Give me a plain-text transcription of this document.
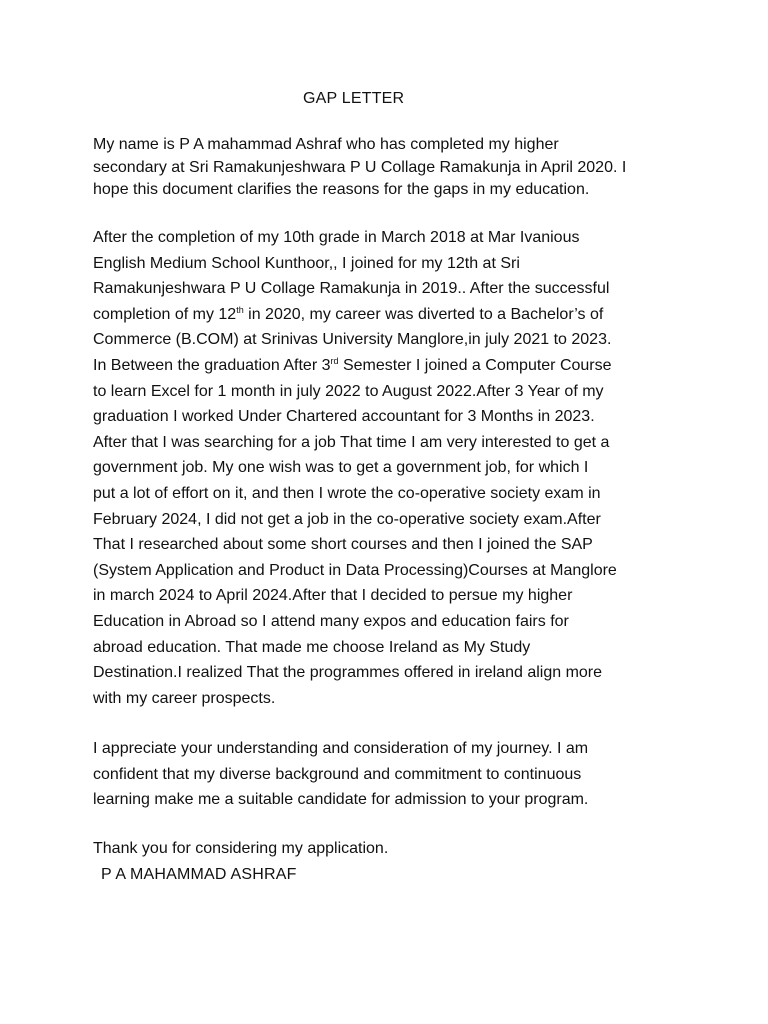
GAP LETTER

My name is P A mahammad Ashraf who has completed my higher
secondary at Sri Ramakunjeshwara P U Collage Ramakunja in April 2020. I
hope this document clarifies the reasons for the gaps in my education.

After the completion of my 10th grade in March 2018 at Mar Ivanious
English Medium School Kunthoor,, I joined for my 12th at Sri
Ramakunjeshwara P U Collage Ramakunja in 2019.. After the successful
completion of my 12th in 2020, my career was diverted to a Bachelor’s of
Commerce (B.COM) at Srinivas University Manglore,in july 2021 to 2023.
In Between the graduation After 3rd Semester I joined a Computer Course
to learn Excel for 1 month in july 2022 to August 2022.After 3 Year of my
graduation I worked Under Chartered accountant for 3 Months in 2023.
After that I was searching for a job That time I am very interested to get a
government job. My one wish was to get a government job, for which I
put a lot of effort on it, and then I wrote the co-operative society exam in
February 2024, I did not get a job in the co-operative society exam.After
That I researched about some short courses and then I joined the SAP
(System Application and Product in Data Processing)Courses at Manglore
in march 2024 to April 2024.After that I decided to persue my higher
Education in Abroad so I attend many expos and education fairs for
abroad education. That made me choose Ireland as My Study
Destination.I realized That the programmes offered in ireland align more
with my career prospects.

I appreciate your understanding and consideration of my journey. I am
confident that my diverse background and commitment to continuous
learning make me a suitable candidate for admission to your program.

Thank you for considering my application.

P A MAHAMMAD ASHRAF
